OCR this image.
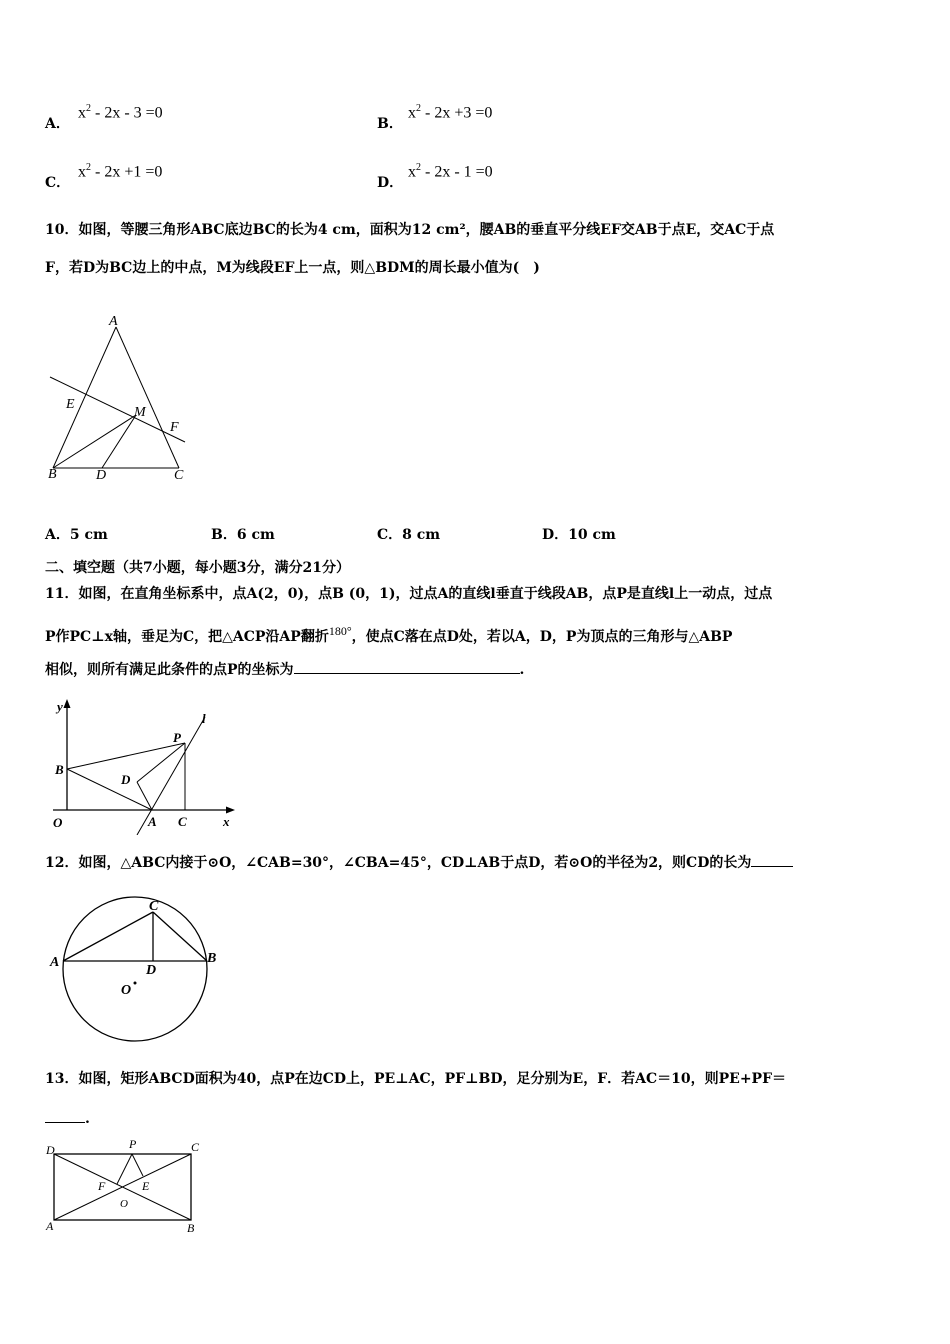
A．
$x^2 - 2x - 3 =0$
B．
$x^2 - 2x +3 =0$
C．
$x^2 - 2x +1 =0$
D．
$x^2 - 2x - 1 =0$
10．如图，等腰三角形ABC底边BC的长为4 cm，面积为12 cm²，腰AB的垂直平分线EF交AB于点E，交AC于点
F，若D为BC边上的中点，M为线段EF上一点，则△BDM的周长最小值为(　)
A
E
M
F
B	D	C
A．5 cm	B．6 cm	C．8 cm	D．10 cm
二、填空题（共7小题，每小题3分，满分21分）
11．如图，在直角坐标系中，点A(2，0)，点B (0，1)，过点A的直线l垂直于线段AB，点P是直线l上一动点，过点
P作PC⊥x轴，垂足为C，把△ACP沿AP翻折180°，使点C落在点D处，若以A，D，P为顶点的三角形与△ABP
相似，则所有满足此条件的点P的坐标为	.
y
l
P
B
D
O	A C	x
12．如图，△ABC内接于⊙O，∠CAB=30°，∠CBA=45°，CD⊥AB于点D，若⊙O的半径为2，则CD的长为
C
A	B
D
O
13．如图，矩形ABCD面积为40，点P在边CD上，PE⊥AC，PF⊥BD，足分别为E，F．若AC＝10，则PE+PF＝
.
D	P	C
F	E
O
A	B
